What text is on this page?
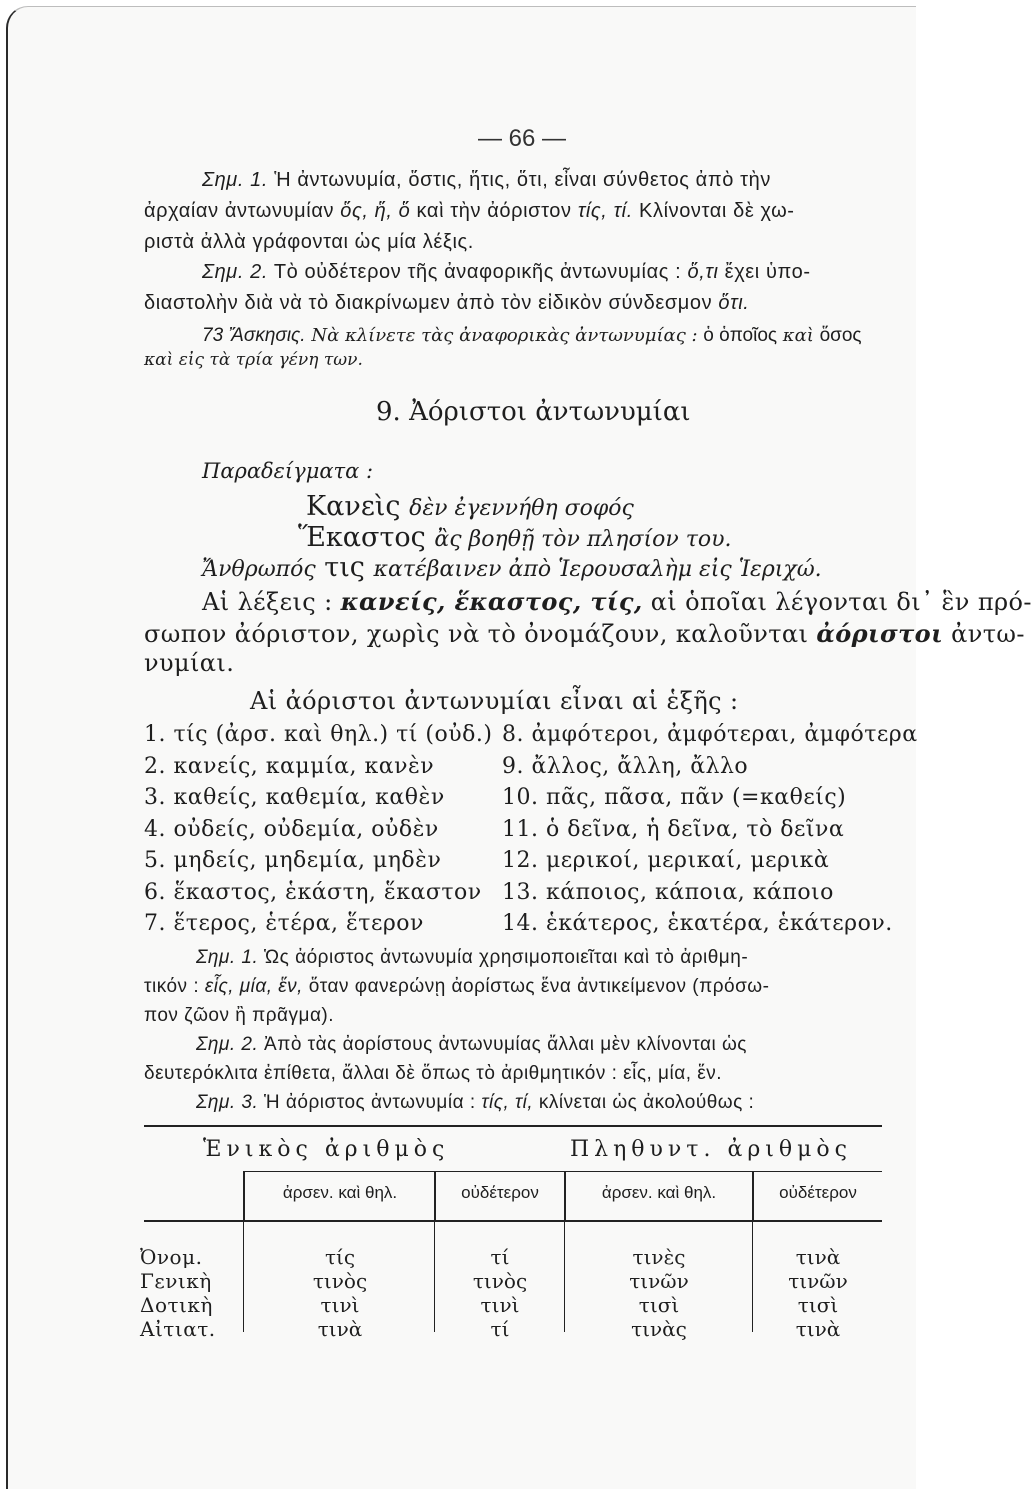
— 66 —
Σημ. 1. Ἡ ἀντωνυμία, ὅστις, ἥτις, ὅτι, εἶναι σύνθετος ἀπὸ τὴν
ἀρχαίαν ἀντωνυμίαν ὅς, ἥ, ὅ καὶ τὴν ἀόριστον τίς, τί. Κλίνονται δὲ χω-
ριστὰ ἀλλὰ γράφονται ὡς μία λέξις.
Σημ. 2. Τὸ οὐδέτερον τῆς ἀναφορικῆς ἀντωνυμίας : ὅ,τι ἔχει ὑπο-
διαστολὴν διὰ νὰ τὸ διακρίνωμεν ἀπὸ τὸν εἰδικὸν σύνδεσμον ὅτι.
73 Ἄσκησις. Νὰ κλίνετε τὰς ἀναφορικὰς ἀντωνυμίας : ὁ ὁποῖος καὶ ὅσος
καὶ εἰς τὰ τρία γένη των.
9. Ἀόριστοι ἀντωνυμίαι
Παραδείγματα :
Κανεὶς δὲν ἐγεννήθη σοφός
Ἕκαστος ἂς βοηθῇ τὸν πλησίον του.
Ἄνθρωπός τις κατέβαινεν ἀπὸ Ἱερουσαλὴμ εἰς Ἱεριχώ.
Αἱ λέξεις : κανείς, ἕκαστος, τίς, αἱ ὁποῖαι λέγονται δι᾽ ἓν πρό-
σωπον ἀόριστον, χωρὶς νὰ τὸ ὀνομάζουν, καλοῦνται ἀόριστοι ἀντω-
νυμίαι.
Αἱ ἀόριστοι ἀντωνυμίαι εἶναι αἱ ἑξῆς :
1. τίς (ἀρσ. καὶ θηλ.) τί (οὐδ.)
2. κανείς, καμμία, κανὲν
3. καθείς, καθεμία, καθὲν
4. οὐδείς, οὐδεμία, οὐδὲν
5. μηδείς, μηδεμία, μηδὲν
6. ἕκαστος, ἑκάστη, ἕκαστον
7. ἕτερος, ἑτέρα, ἕτερον
8. ἀμφότεροι, ἀμφότεραι, ἀμφότερα
9. ἄλλος, ἄλλη, ἄλλο
10. πᾶς, πᾶσα, πᾶν (=καθείς)
11. ὁ δεῖνα, ἡ δεῖνα, τὸ δεῖνα
12. μερικοί, μερικαί, μερικὰ
13. κάποιος, κάποια, κάποιο
14. ἑκάτερος, ἑκατέρα, ἑκάτερον.
Σημ. 1. Ὡς ἀόριστος ἀντωνυμία χρησιμοποιεῖται καὶ τὸ ἀριθμη-
τικόν : εἷς, μία, ἕν, ὅταν φανερώνῃ ἀορίστως ἕνα ἀντικείμενον (πρόσω-
πον ζῶον ἢ πρᾶγμα).
Σημ. 2. Ἀπὸ τὰς ἀορίστους ἀντωνυμίας ἄλλαι μὲν κλίνονται ὡς
δευτερόκλιτα ἐπίθετα, ἄλλαι δὲ ὅπως τὸ ἀριθμητικόν : εἷς, μία, ἕν.
Σημ. 3. Ἡ ἀόριστος ἀντωνυμία : τίς, τί, κλίνεται ὡς ἀκολούθως :
Ἑνικὸς ἀριθμὸς	Πληθυντ. ἀριθμὸς
ἀρσεν. καὶ θηλ.	οὐδέτερον	ἀρσεν. καὶ θηλ.	οὐδέτερον
Ὀνομ.	τίς	τί	τινὲς	τινὰ
Γενικὴ	τινὸς	τινὸς	τινῶν	τινῶν
Δοτικὴ	τινὶ	τινὶ	τισὶ	τισὶ
Αἰτιατ.	τινὰ	τί	τινὰς	τινὰ
